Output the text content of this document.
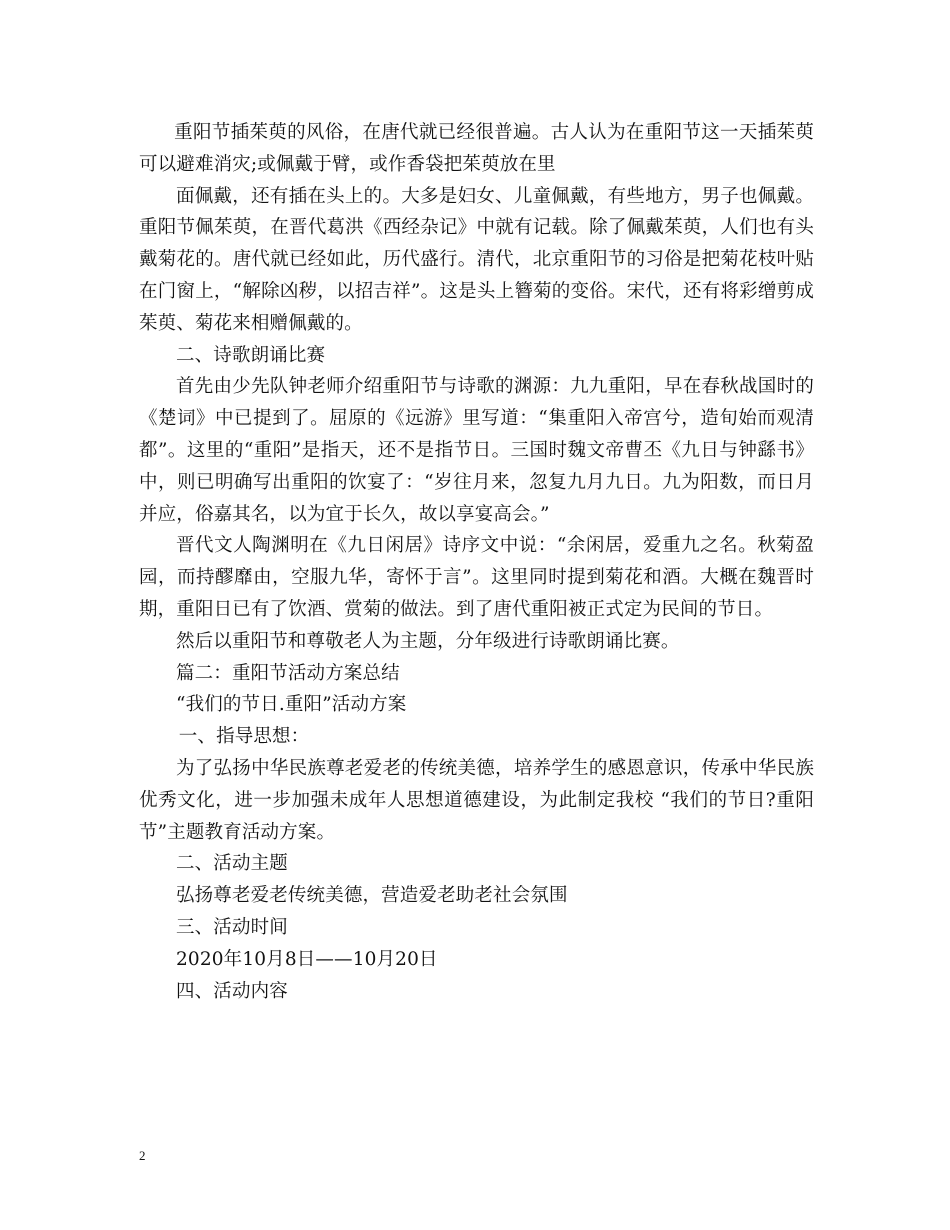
重阳节插茱萸的风俗，在唐代就已经很普遍。古人认为在重阳节这一天插茱萸可以避难消灾;或佩戴于臂，或作香袋把茱萸放在里

面佩戴，还有插在头上的。大多是妇女、儿童佩戴，有些地方，男子也佩戴。重阳节佩茱萸，在晋代葛洪《西经杂记》中就有记载。除了佩戴茱萸，人们也有头戴菊花的。唐代就已经如此，历代盛行。清代，北京重阳节的习俗是把菊花枝叶贴在门窗上，“解除凶秽，以招吉祥”。这是头上簪菊的变俗。宋代，还有将彩缯剪成茱萸、菊花来相赠佩戴的。

二、诗歌朗诵比赛

首先由少先队钟老师介绍重阳节与诗歌的渊源：九九重阳，早在春秋战国时的《楚词》中已提到了。屈原的《远游》里写道：“集重阳入帝宫兮，造旬始而观清都”。这里的“重阳”是指天，还不是指节日。三国时魏文帝曹丕《九日与钟繇书》中，则已明确写出重阳的饮宴了：“岁往月来，忽复九月九日。九为阳数，而日月并应，俗嘉其名，以为宜于长久，故以享宴高会。”

晋代文人陶渊明在《九日闲居》诗序文中说：“余闲居，爱重九之名。秋菊盈园，而持醪靡由，空服九华，寄怀于言”。这里同时提到菊花和酒。大概在魏晋时期，重阳日已有了饮酒、赏菊的做法。到了唐代重阳被正式定为民间的节日。

然后以重阳节和尊敬老人为主题，分年级进行诗歌朗诵比赛。

篇二：重阳节活动方案总结

“我们的节日.重阳”活动方案

一、指导思想：

为了弘扬中华民族尊老爱老的传统美德，培养学生的感恩意识，传承中华民族优秀文化，进一步加强未成年人思想道德建设，为此制定我校 “我们的节日?重阳节”主题教育活动方案。

二、活动主题

弘扬尊老爱老传统美德，营造爱老助老社会氛围

三、活动时间

2020年10月8日——10月20日

四、活动内容

2
